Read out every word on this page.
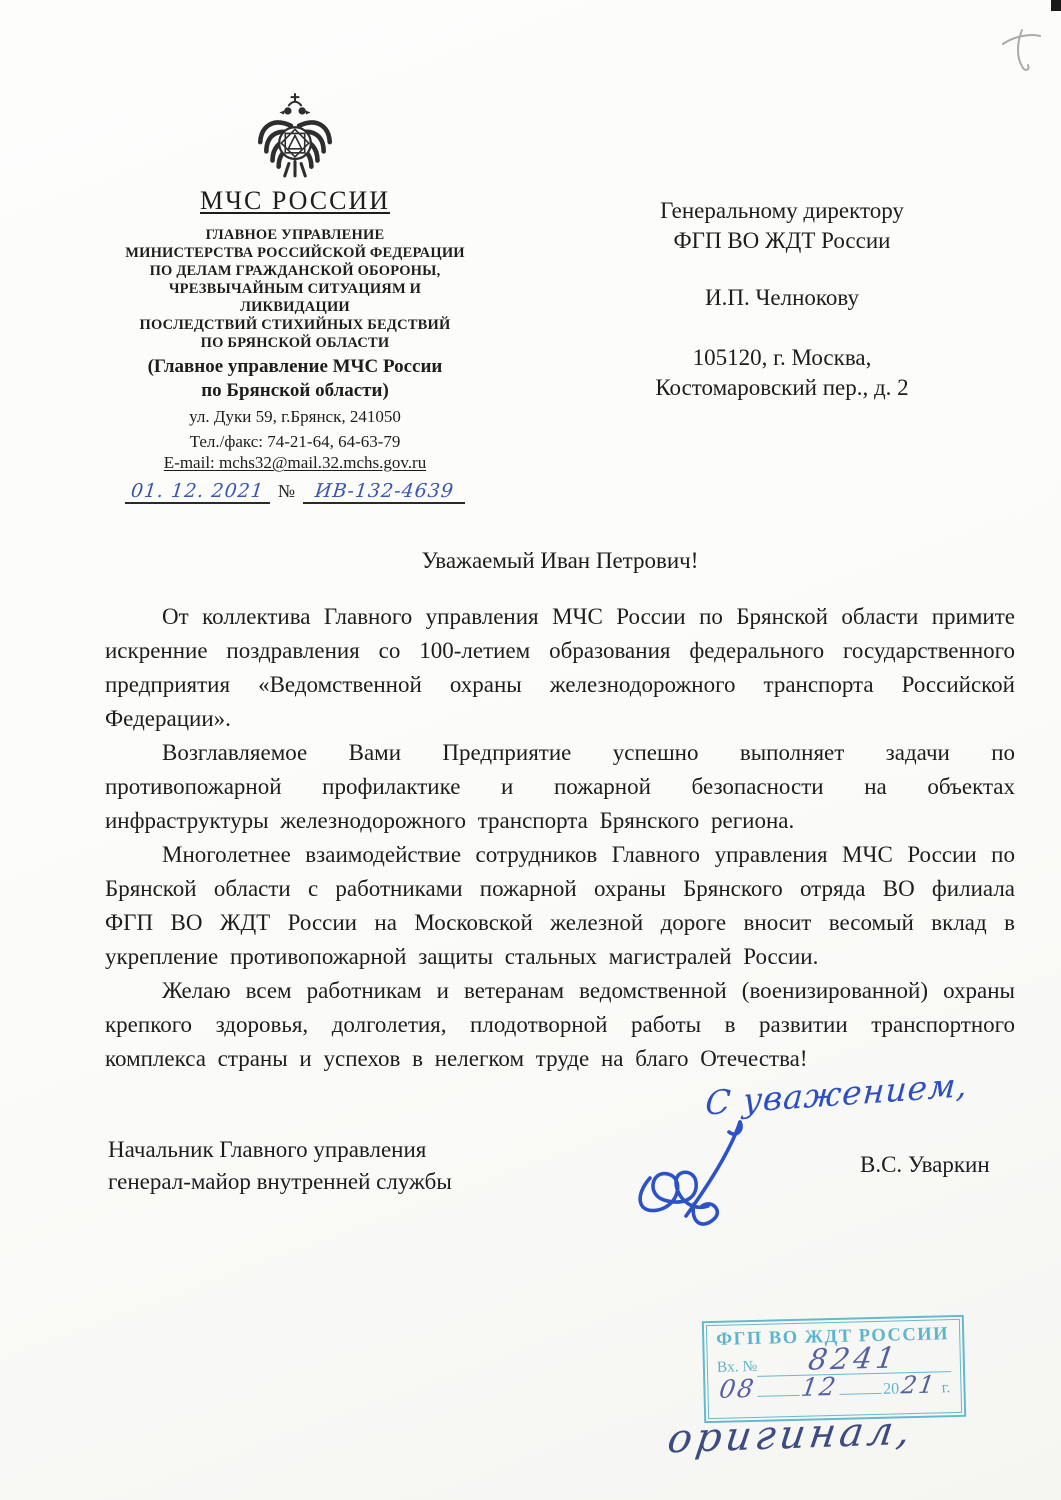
МЧС РОССИИ
ГЛАВНОЕ УПРАВЛЕНИЕ
МИНИСТЕРСТВА РОССИЙСКОЙ ФЕДЕРАЦИИ
ПО ДЕЛАМ ГРАЖДАНСКОЙ ОБОРОНЫ,
ЧРЕЗВЫЧАЙНЫМ СИТУАЦИЯМ И
ЛИКВИДАЦИИ
ПОСЛЕДСТВИЙ СТИХИЙНЫХ БЕДСТВИЙ
ПО БРЯНСКОЙ ОБЛАСТИ
(Главное управление МЧС России
по Брянской области)
ул. Дуки 59, г.Брянск, 241050
Тел./факс: 74-21-64, 64-63-79
E-mail: mchs32@mail.32.mchs.gov.ru
01. 12. 2021 № ИВ-132-4639
Генеральному директору
ФГП ВО ЖДТ России
И.П. Челнокову
105120, г. Москва,
Костомаровский пер., д. 2
Уважаемый Иван Петрович!

От коллектива Главного управления МЧС России по Брянской области примите искренние поздравления со 100-летием образования федерального государственного предприятия «Ведомственной охраны железнодорожного транспорта Российской Федерации».

Возглавляемое Вами Предприятие успешно выполняет задачи по противопожарной профилактике и пожарной безопасности на объектах инфраструктуры железнодорожного транспорта Брянского региона.

Многолетнее взаимодействие сотрудников Главного управления МЧС России по Брянской области с работниками пожарной охраны Брянского отряда ВО филиала ФГП ВО ЖДТ России на Московской железной дороге вносит весомый вклад в укрепление противопожарной защиты стальных магистралей России.

Желаю всем работникам и ветеранам ведомственной (военизированной) охраны крепкого здоровья, долголетия, плодотворной работы в развитии транспортного комплекса страны и успехов в нелегком труде на благо Отечества!

С уважением,
Начальник Главного управления
генерал-майор внутренней службы
В.С. Уваркин
ФГП ВО ЖДТ РОССИИ
Вх. №	8241
08 12	2021 г.
оригинал,
